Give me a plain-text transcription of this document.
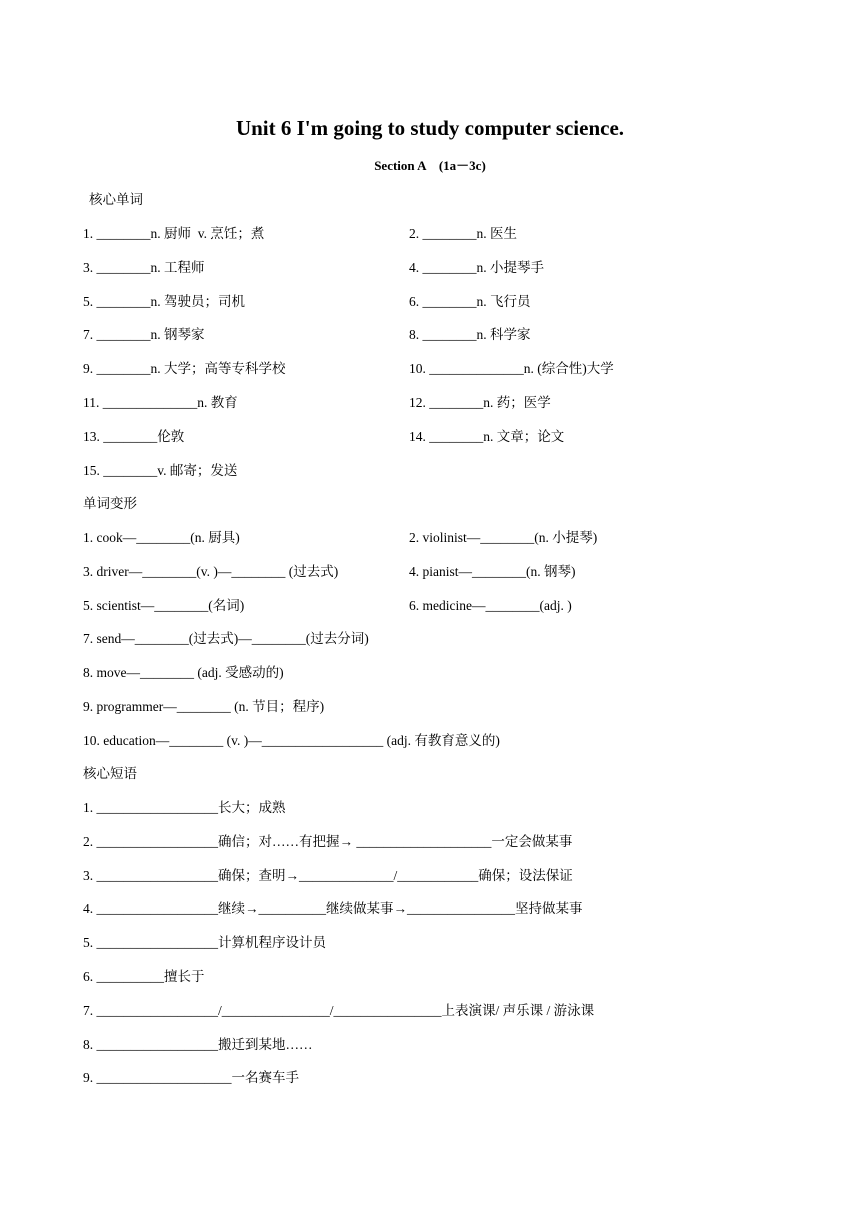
Unit 6 I'm going to study computer science.
Section A　(1a－3c)
核心单词
1. ________n. 厨师  v. 烹饪；煮	2. ________n. 医生
3. ________n. 工程师	4. ________n. 小提琴手
5. ________n. 驾驶员；司机	6. ________n. 飞行员
7. ________n. 钢琴家	8. ________n. 科学家
9. ________n. 大学；高等专科学校	10. ______________n. (综合性)大学
11. ______________n. 教育	12. ________n. 药；医学
13. ________伦敦	14. ________n. 文章；论文
15. ________v. 邮寄；发送
单词变形
1. cook—________(n. 厨具)	2. violinist—________(n. 小提琴)
3. driver—________(v. )—________ (过去式)	4. pianist—________(n. 钢琴)
5. scientist—________(名词)	6. medicine—________(adj. )
7. send—________(过去式)—________(过去分词)
8. move—________ (adj. 受感动的)
9. programmer—________ (n. 节目；程序)
10. education—________ (v. )—__________________ (adj. 有教育意义的)
核心短语
1. __________________长大；成熟
2. __________________确信；对……有把握→ ____________________一定会做某事
3. __________________确保；查明→______________/____________确保；设法保证
4. __________________继续→__________继续做某事→________________坚持做某事
5. __________________计算机程序设计员
6. __________擅长于
7. __________________/________________/________________上表演课/ 声乐课 / 游泳课
8. __________________搬迁到某地……
9. ____________________一名赛车手
